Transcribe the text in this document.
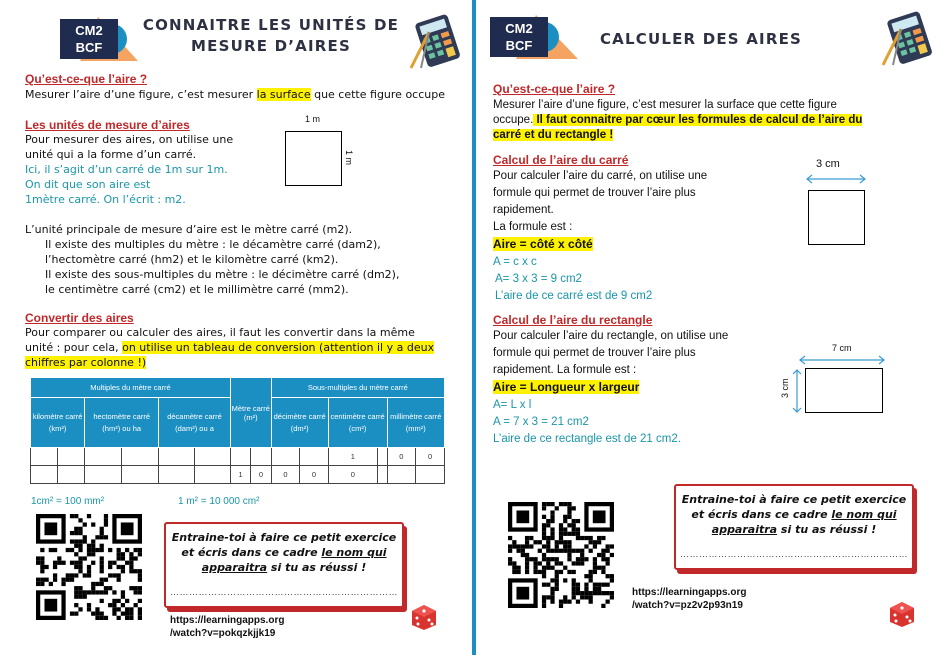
CM2
BCF
CONNAITRE LES UNITÉS DE
MESURE D’AIRES
Qu’est-ce-que l’aire ?
Mesurer l’aire d’une figure, c’est mesurer la surface que cette figure occupe
Les unités de mesure d’aires
Pour mesurer des aires, on utilise une
unité qui a la forme d’un carré.
Ici, il s’agit d’un carré de 1m sur 1m.
On dit que son aire est
1mètre carré. On l’écrit : m2.
1 m
1 m
L’unité principale de mesure d’aire est le mètre carré (m2).
Il existe des multiples du mètre : le décamètre carré (dam2),
l’hectomètre carré (hm2) et le kilomètre carré (km2).
Il existe des sous-multiples du mètre : le décimètre carré (dm2),
le centimètre carré (cm2) et le millimètre carré (mm2).
Convertir des aires
Pour comparer ou calculer des aires, il faut les convertir dans la même
unité : pour cela, on utilise un tableau de conversion (attention il y a deux
chiffres par colonne !)
Multiples du mètre carré						Mètre carré (m²)		Sous-multiples du mètre carré					
kilomètre carré (km²)		hectomètre carré (hm²) ou ha		décamètre carré (dam²) ou a				décimètre carré (dm²)		centimètre carré (cm²)		millimètre carré (mm²)	
										1		0	0
						1	0	0	0	0			
1cm² = 100 mm²	1 m² = 10 000 cm²

Entraine-toi à faire ce petit exercice

et écris dans ce cadre le nom qui

apparaitra si tu as réussi !

………………………………………………………………
https://learningapps.org
/watch?v=pokqzkjjk19
CM2
BCF	CALCULER DES AIRES
Qu’est-ce-que l’aire ?
Mesurer l’aire d’une figure, c’est mesurer la surface que cette figure
occupe. Il faut connaitre par cœur les formules de calcul de l’aire du
carré et du rectangle !
Calcul de l’aire du carré
Pour calculer l’aire du carré, on utilise une
formule qui permet de trouver l’aire plus
rapidement.
La formule est :
Aire = côté x côté
A = c x c
A= 3 x 3 = 9 cm2
L’aire de ce carré est de 9 cm2
3 cm
Calcul de l’aire du rectangle
Pour calculer l’aire du rectangle, on utilise une
formule qui permet de trouver l’aire plus
rapidement. La formule est :
Aire = Longueur x largeur
A= L x l
A = 7 x 3 = 21 cm2
L’aire de ce rectangle est de 21 cm2.
7 cm
3 cm

Entraine-toi à faire ce petit exercice

et écris dans ce cadre le nom qui

apparaitra si tu as réussi !

………………………………………………………………
https://learningapps.org
/watch?v=pz2v2p93n19
